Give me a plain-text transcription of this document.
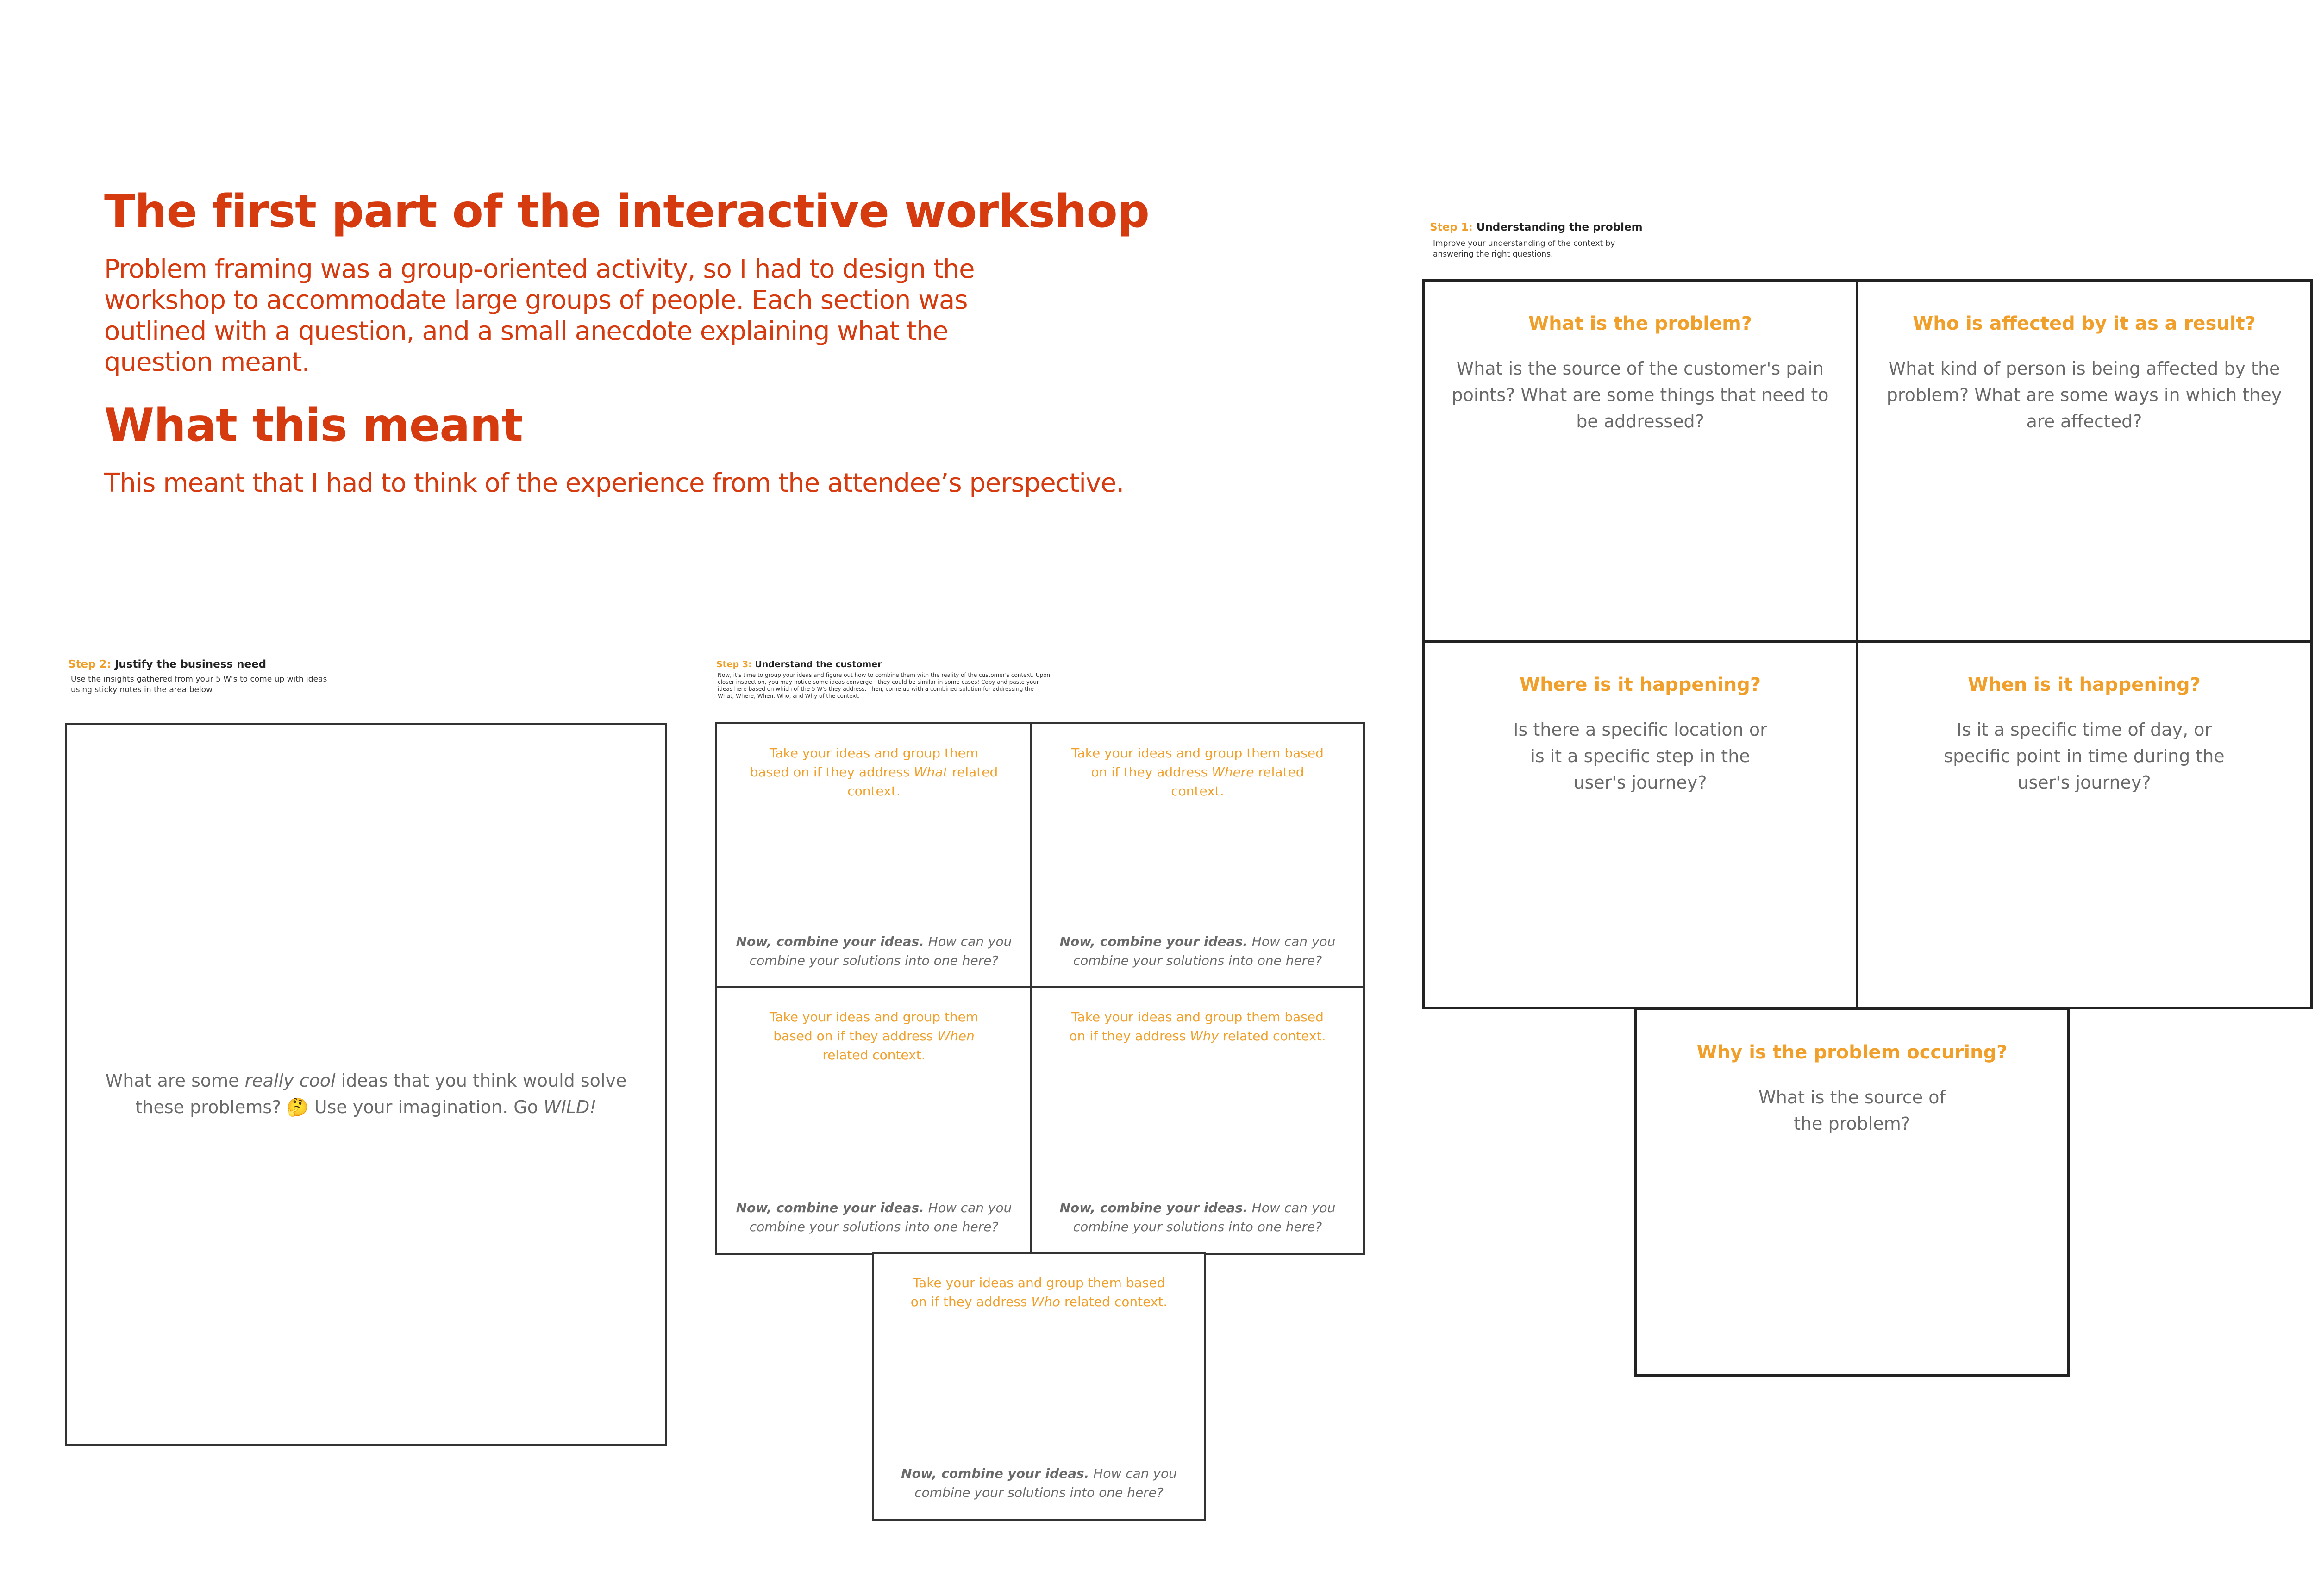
The first part of the interactive workshop

Problem framing was a group-oriented activity, so I had to design the workshop to accommodate large groups of people. Each section was outlined with a question, and a small anecdote explaining what the question meant.

What this meant

This meant that I had to think of the experience from the attendee’s perspective.

Step 2: Justify the business need
Use the insights gathered from your 5 W's to come up with ideas using sticky notes in the area below.
What are some really cool ideas that you think would solve these problems? 🤔 Use your imagination. Go WILD!
Step 3: Understand the customer
Now, it's time to group your ideas and figure out how to combine them with the reality of the customer's context. Upon closer inspection, you may notice some ideas converge - they could be similar in some cases! Copy and paste your ideas here based on which of the 5 W's they address. Then, come up with a combined solution for addressing the What, Where, When, Who, and Why of the context.
Take your ideas and group them based on if they address What related context.
Now, combine your ideas. How can you combine your solutions into one here?
Take your ideas and group them based on if they address Where related context.
Now, combine your ideas. How can you combine your solutions into one here?
Take your ideas and group them based on if they address When related context.
Now, combine your ideas. How can you combine your solutions into one here?
Take your ideas and group them based on if they address Why related context.
Now, combine your ideas. How can you combine your solutions into one here?
Take your ideas and group them based on if they address Who related context.
Now, combine your ideas. How can you combine your solutions into one here?
Step 1: Understanding the problem
Improve your understanding of the context by answering the right questions.
What is the problem?
What is the source of the customer's pain points? What are some things that need to be addressed?
Who is affected by it as a result?
What kind of person is being affected by the problem? What are some ways in which they are affected?
Where is it happening?
Is there a specific location or is it a specific step in the user's journey?
When is it happening?
Is it a specific time of day, or specific point in time during the user's journey?
Why is the problem occuring?
What is the source of the problem?
